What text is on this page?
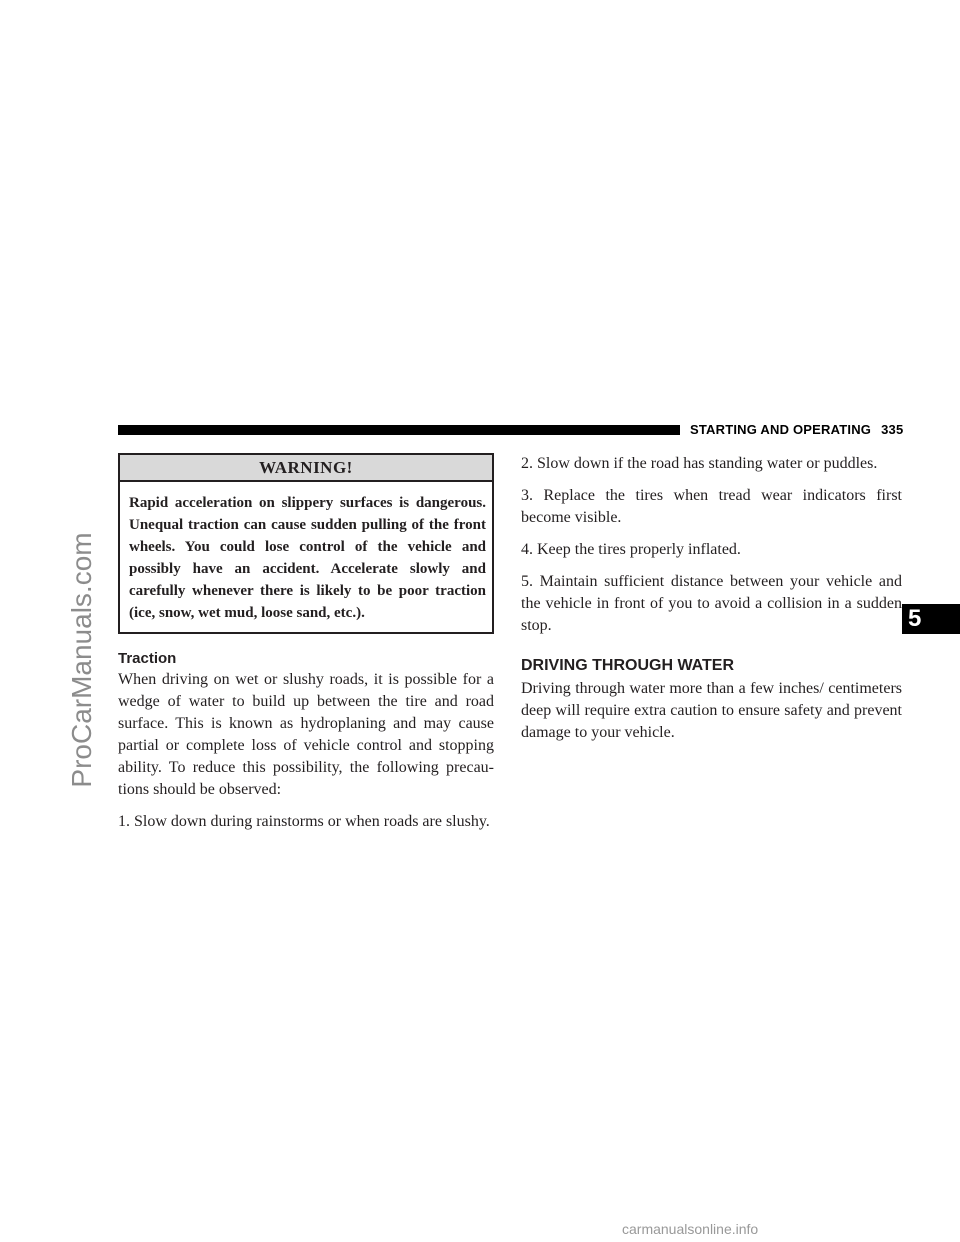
STARTING AND OPERATING 335
ProCarManuals.com
WARNING!
Rapid acceleration on slippery surfaces is dangerous. Unequal traction can cause sudden pulling of the front wheels. You could lose control of the vehicle and possibly have an accident. Accelerate slowly and carefully whenever there is likely to be poor traction (ice, snow, wet mud, loose sand, etc.).
Traction

When driving on wet or slushy roads, it is possible for a wedge of water to build up between the tire and road surface. This is known as hydroplaning and may cause partial or complete loss of vehicle control and stopping ability. To reduce this possibility, the following precau-tions should be observed:

1. Slow down during rainstorms or when roads are slushy.

2. Slow down if the road has standing water or puddles.

3. Replace the tires when tread wear indicators first become visible.

4. Keep the tires properly inflated.

5. Maintain sufficient distance between your vehicle and the vehicle in front of you to avoid a collision in a sudden stop.

DRIVING THROUGH WATER

Driving through water more than a few inches/ centimeters deep will require extra caution to ensure safety and prevent damage to your vehicle.

5
carmanualsonline.info
